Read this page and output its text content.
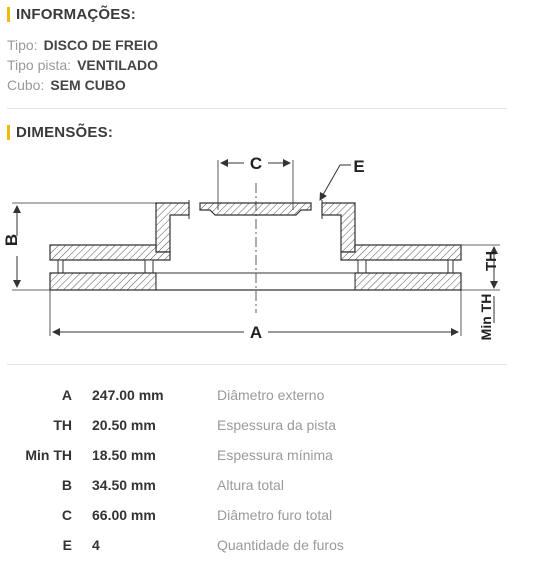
INFORMAÇÕES:
Tipo: DISCO DE FREIO
Tipo pista: VENTILADO
Cubo: SEM CUBO
DIMENSÕES:
C	E
B
A
TH
Min TH
A 247.00 mm	Diâmetro externo
TH 20.50 mm	Espessura da pista
Min TH 18.50 mm	Espessura mínima
B 34.50 mm	Altura total
C 66.00 mm	Diâmetro furo total
E 4	Quantidade de furos
